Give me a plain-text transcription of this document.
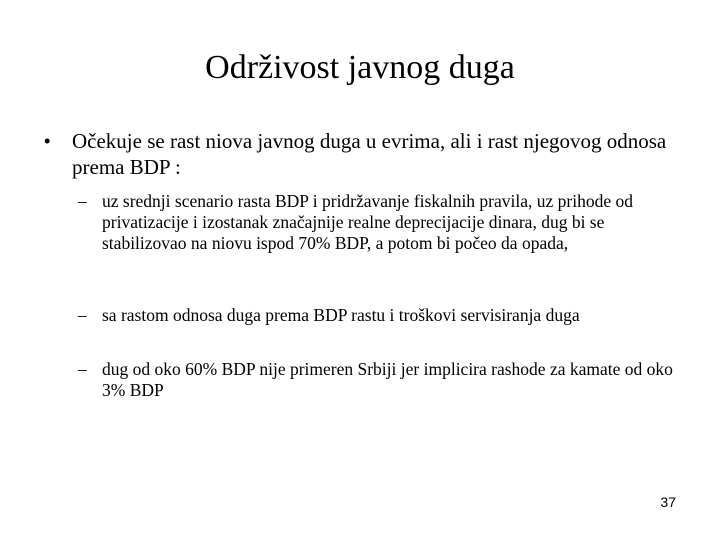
Održivost javnog duga
• Očekuje se rast niova javnog duga u evrima, ali i rast njegovog odnosa prema BDP :
– uz srednji scenario rasta BDP i pridržavanje fiskalnih pravila, uz prihode od privatizacije i izostanak značajnije realne deprecijacije dinara, dug bi se stabilizovao na niovu ispod 70% BDP, a potom bi počeo da opada,
– sa rastom odnosa duga prema BDP rastu i troškovi servisiranja duga
– dug od oko 60% BDP nije primeren Srbiji jer implicira rashode za kamate od oko 3% BDP
37
